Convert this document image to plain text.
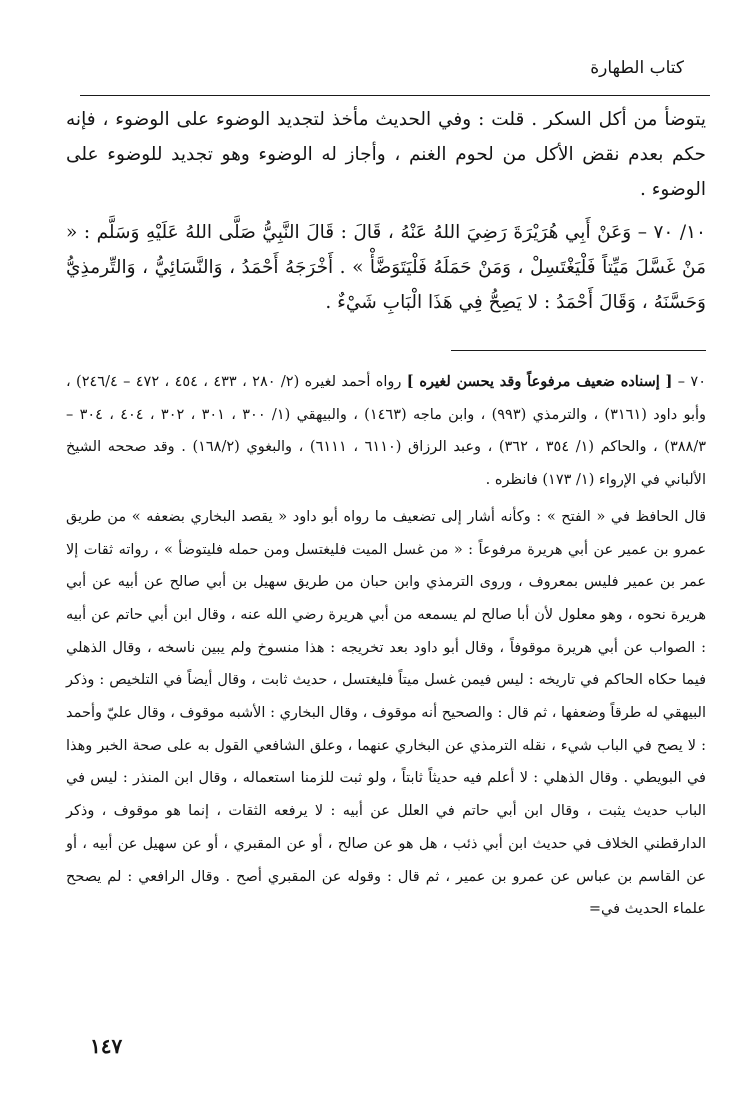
كتاب الطهارة

يتوضأ من أكل السكر . قلت : وفي الحديث مأخذ لتجديد الوضوء على الوضوء ، فإنه حكم بعدم نقض الأكل من لحوم الغنم ، وأجاز له الوضوء وهو تجديد للوضوء على الوضوء .

١٠/ ٧٠ – وَعَنْ أَبِي هُرَيْرَةَ رَضِيَ اللهُ عَنْهُ ، قَالَ : قَالَ النَّبِيُّ صَلَّى اللهُ عَلَيْهِ وَسَلَّم : « مَنْ غَسَّلَ مَيِّتاً فَلْيَغْتَسِلْ ، وَمَنْ حَمَلَهُ فَلْيَتَوَضَّأْ » . أَخْرَجَهُ أَحْمَدُ ، وَالنَّسَائِيُّ ، وَالتِّرمذِيُّ وَحَسَّنَهُ ، وَقَالَ أَحْمَدُ : لا يَصِحُّ فِي هَذَا الْبَابِ شَيْءٌ .

٧٠ – [ إسناده ضعيف مرفوعاً وقد يحسن لغيره ] رواه أحمد لغيره (٢/ ٢٨٠ ، ٤٣٣ ، ٤٥٤ ، ٤٧٢ – ٢٤٦/٤) ، وأبو داود (٣١٦١) ، والترمذي (٩٩٣) ، وابن ماجه (١٤٦٣) ، والبيهقي (١/ ٣٠٠ ، ٣٠١ ، ٣٠٢ ، ٤٠٤ ، ٣٠٤ – ٣٨٨/٣) ، والحاكم (١/ ٣٥٤ ، ٣٦٢) ، وعبد الرزاق (٦١١٠ ، ٦١١١) ، والبغوي (١٦٨/٢) . وقد صححه الشيخ الألباني في الإرواء (١/ ١٧٣) فانظره .

قال الحافظ في « الفتح » : وكأنه أشار إلى تضعيف ما رواه أبو داود « يقصد البخاري بضعفه » من طريق عمرو بن عمير عن أبي هريرة مرفوعاً : « من غسل الميت فليغتسل ومن حمله فليتوضأ » ، رواته ثقات إلا عمر بن عمير فليس بمعروف ، وروى الترمذي وابن حبان من طريق سهيل بن أبي صالح عن أبيه عن أبي هريرة نحوه ، وهو معلول لأن أبا صالح لم يسمعه من أبي هريرة رضي الله عنه ، وقال ابن أبي حاتم عن أبيه : الصواب عن أبي هريرة موقوفاً ، وقال أبو داود بعد تخريجه : هذا منسوخ ولم يبين ناسخه ، وقال الذهلي فيما حكاه الحاكم في تاريخه : ليس فيمن غسل ميتاً فليغتسل ، حديث ثابت ، وقال أيضاً في التلخيص : وذكر البيهقي له طرقاً وضعفها ، ثم قال : والصحيح أنه موقوف ، وقال البخاري : الأشبه موقوف ، وقال عليّ وأحمد : لا يصح في الباب شيء ، نقله الترمذي عن البخاري عنهما ، وعلق الشافعي القول به على صحة الخبر وهذا في البويطي . وقال الذهلي : لا أعلم فيه حديثاً ثابتاً ، ولو ثبت للزمنا استعماله ، وقال ابن المنذر : ليس في الباب حديث يثبت ، وقال ابن أبي حاتم في العلل عن أبيه : لا يرفعه الثقات ، إنما هو موقوف ، وذكر الدارقطني الخلاف في حديث ابن أبي ذئب ، هل هو عن صالح ، أو عن المقبري ، أو عن سهيل عن أبيه ، أو عن القاسم بن عباس عن عمرو بن عمير ، ثم قال : وقوله عن المقبري أصح . وقال الرافعي : لم يصحح علماء الحديث في=

١٤٧
